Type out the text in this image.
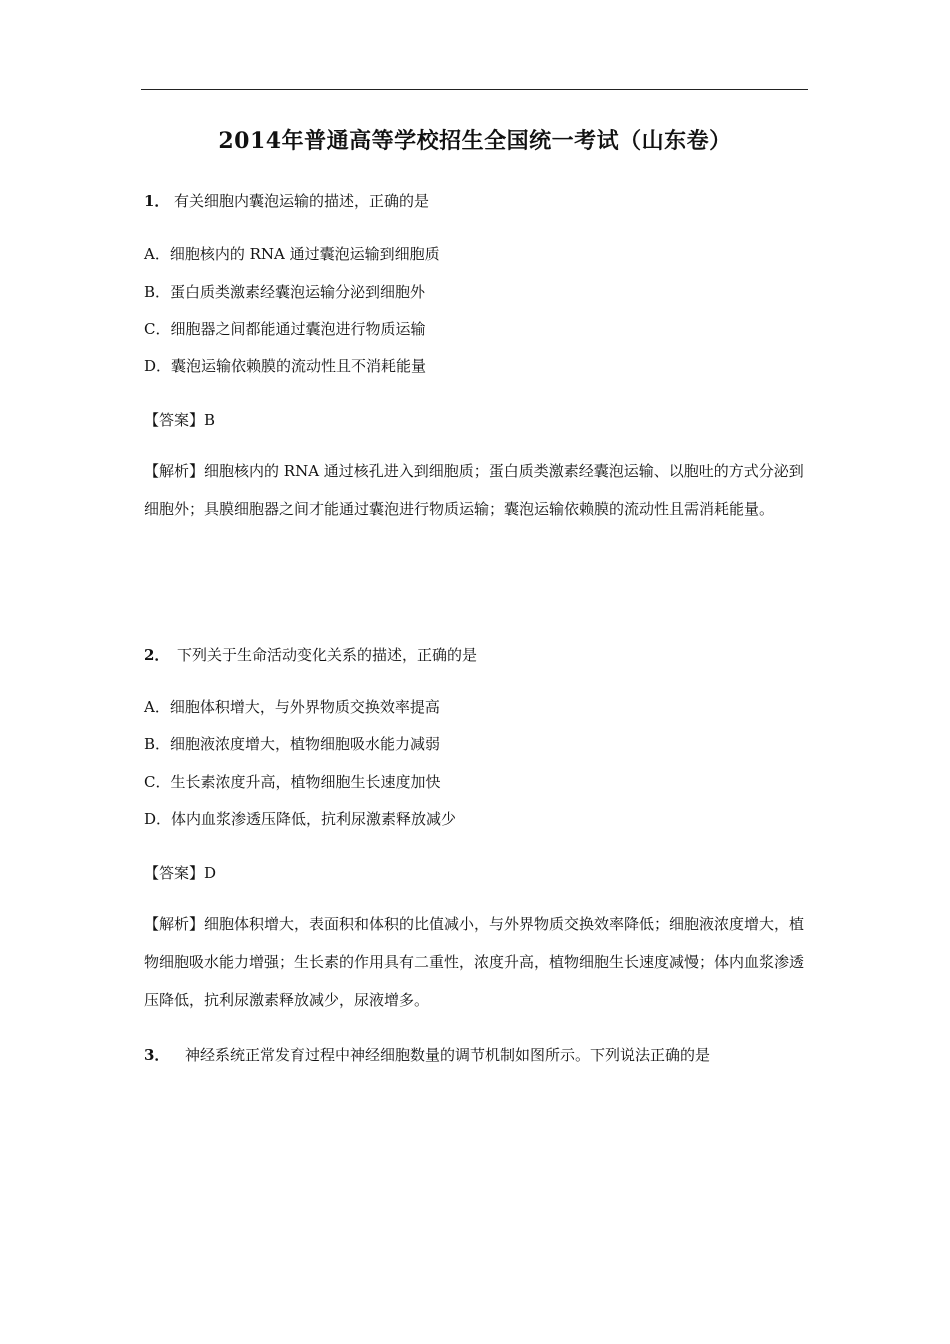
2014年普通高等学校招生全国统一考试（山东卷）
1． 有关细胞内囊泡运输的描述，正确的是
A．细胞核内的 RNA 通过囊泡运输到细胞质
B．蛋白质类激素经囊泡运输分泌到细胞外
C．细胞器之间都能通过囊泡进行物质运输
D．囊泡运输依赖膜的流动性且不消耗能量
【答案】B
【解析】细胞核内的 RNA 通过核孔进入到细胞质；蛋白质类激素经囊泡运输、以胞吐的方式分泌到细胞外；具膜细胞器之间才能通过囊泡进行物质运输；囊泡运输依赖膜的流动性且需消耗能量。
2． 下列关于生命活动变化关系的描述，正确的是
A．细胞体积增大，与外界物质交换效率提高
B．细胞液浓度增大，植物细胞吸水能力减弱
C．生长素浓度升高，植物细胞生长速度加快
D．体内血浆渗透压降低，抗利尿激素释放减少
【答案】D
【解析】细胞体积增大，表面积和体积的比值减小，与外界物质交换效率降低；细胞液浓度增大，植物细胞吸水能力增强；生长素的作用具有二重性，浓度升高，植物细胞生长速度减慢；体内血浆渗透压降低，抗利尿激素释放减少，尿液增多。
3． 神经系统正常发育过程中神经细胞数量的调节机制如图所示。下列说法正确的是
